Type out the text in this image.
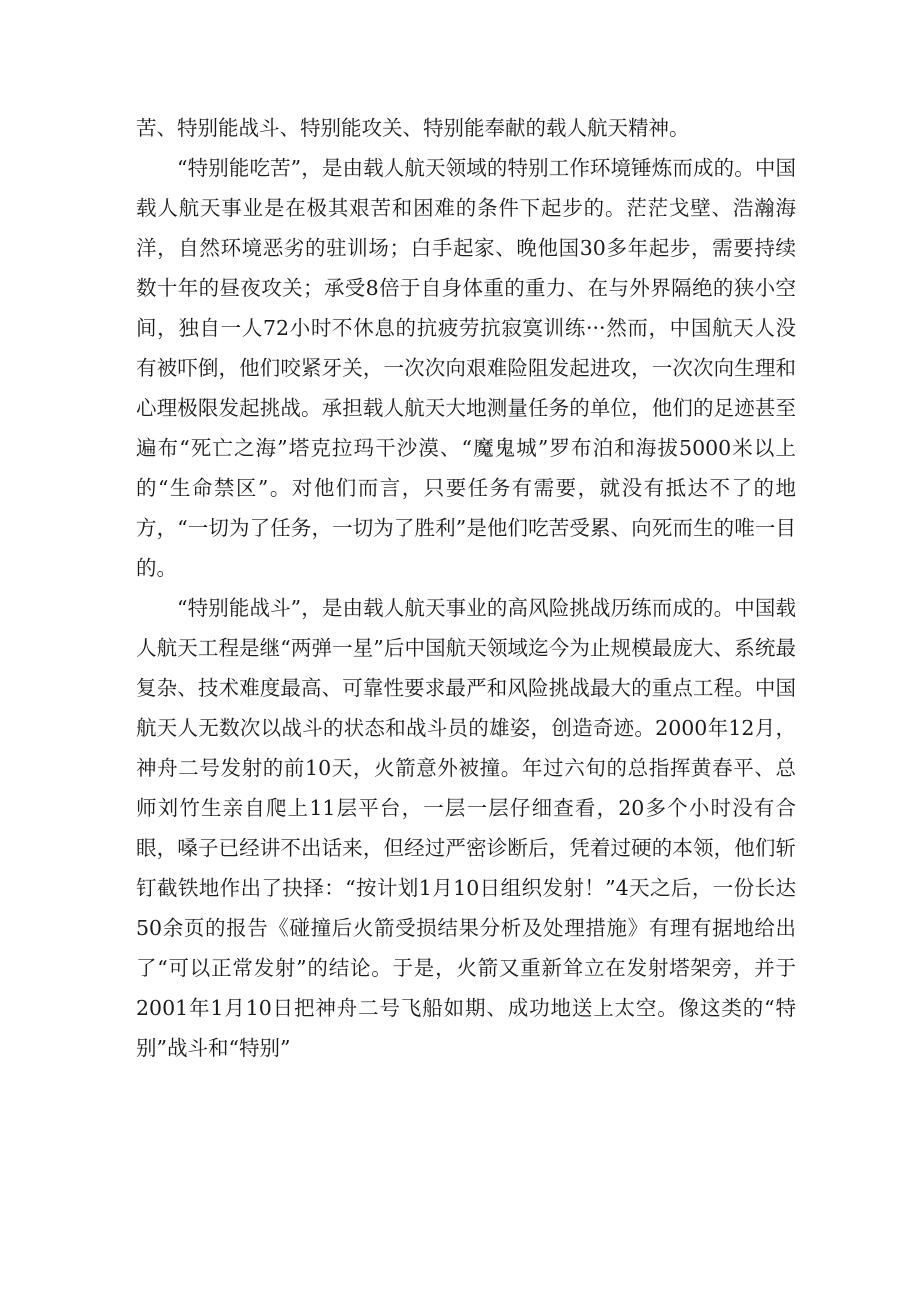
苦、特别能战斗、特别能攻关、特别能奉献的载人航天精神。

“特别能吃苦”，是由载人航天领域的特别工作环境锤炼而成的。中国载人航天事业是在极其艰苦和困难的条件下起步的。茫茫戈壁、浩瀚海洋，自然环境恶劣的驻训场；白手起家、晚他国30多年起步，需要持续数十年的昼夜攻关；承受8倍于自身体重的重力、在与外界隔绝的狭小空间，独自一人72小时不休息的抗疲劳抗寂寞训练···然而，中国航天人没有被吓倒，他们咬紧牙关，一次次向艰难险阻发起进攻，一次次向生理和心理极限发起挑战。承担载人航天大地测量任务的单位，他们的足迹甚至遍布“死亡之海”塔克拉玛干沙漠、“魔鬼城”罗布泊和海拔5000米以上的“生命禁区”。对他们而言，只要任务有需要，就没有抵达不了的地方，“一切为了任务，一切为了胜利”是他们吃苦受累、向死而生的唯一目的。

“特别能战斗”，是由载人航天事业的高风险挑战历练而成的。中国载人航天工程是继“两弹一星”后中国航天领域迄今为止规模最庞大、系统最复杂、技术难度最高、可靠性要求最严和风险挑战最大的重点工程。中国航天人无数次以战斗的状态和战斗员的雄姿，创造奇迹。2000年12月，神舟二号发射的前10天，火箭意外被撞。年过六旬的总指挥黄春平、总师刘竹生亲自爬上11层平台，一层一层仔细查看，20多个小时没有合眼，嗓子已经讲不出话来，但经过严密诊断后，凭着过硬的本领，他们斩钉截铁地作出了抉择：“按计划1月10日组织发射！”4天之后，一份长达50余页的报告《碰撞后火箭受损结果分析及处理措施》有理有据地给出了“可以正常发射”的结论。于是，火箭又重新耸立在发射塔架旁，并于2001年1月10日把神舟二号飞船如期、成功地送上太空。像这类的“特别”战斗和“特别”
